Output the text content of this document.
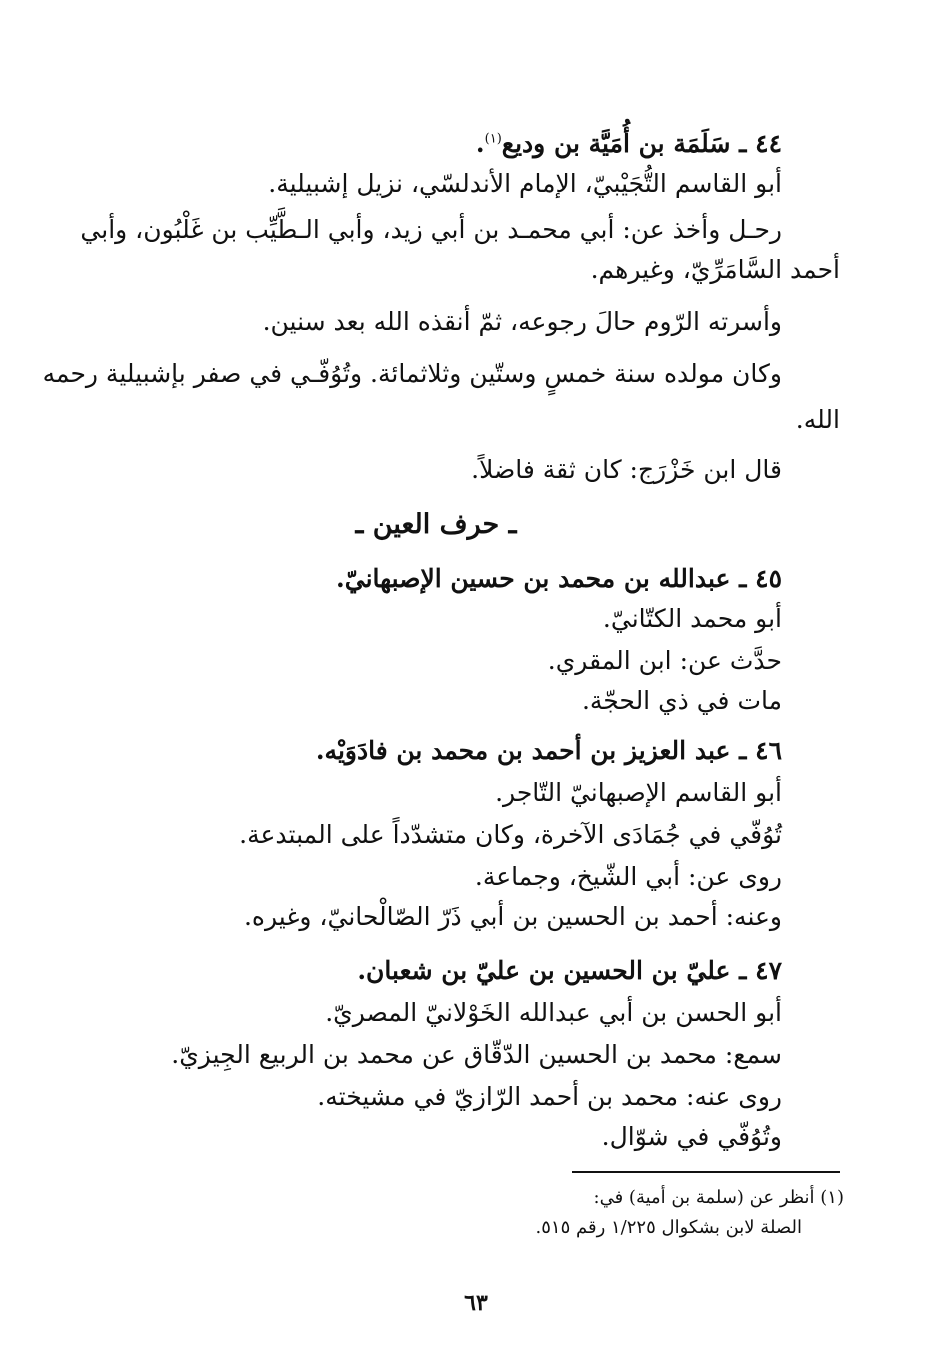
٤٤ ـ سَلَمَة بن أُمَيَّة بن وديع$^{(١)}$.
أبو القاسم التُّجَيْبيّ، الإمام الأندلسّي، نزيل إشبيلية.
رحـل وأخذ عن: أبي محمـد بن أبي زيد، وأبي الـطَّيِّب بن غَلْبُون، وأبي
أحمد السَّامَرِّيّ، وغيرهم.
وأسرته الرّوم حالَ رجوعه، ثمّ أنقذه الله بعد سنين.
وكان مولده سنة خمسٍ وستّين وثلاثمائة. وتُوُفّـي في صفر بإشبيلية رحمه
الله.
قال ابن خَزْرَج: كان ثقة فاضلاً.
ـ حرف العين ـ
٤٥ ـ عبدالله بن محمد بن حسين الإصبهانيّ.
أبو محمد الكتّانيّ.
حدَّث عن: ابن المقري.
مات في ذي الحجّة.
٤٦ ـ عبد العزيز بن أحمد بن محمد بن فادَوَيْه.
أبو القاسم الإصبهانيّ التّاجر.
تُوُفّي في جُمَادَى الآخرة، وكان متشدّداً على المبتدعة.
روى عن: أبي الشّيخ، وجماعة.
وعنه: أحمد بن الحسين بن أبي ذَرّ الصّالْحانيّ، وغيره.
٤٧ ـ عليّ بن الحسين بن عليّ بن شعبان.
أبو الحسن بن أبي عبدالله الخَوْلانيّ المصريّ.
سمع: محمد بن الحسين الدّقّاق عن محمد بن الربيع الجِيزيّ.
روى عنه: محمد بن أحمد الرّازيّ في مشيخته.
وتُوُفّي في شوّال.
(١) أنظر عن (سلمة بن أمية) في:
الصلة لابن بشكوال ١/٢٢٥ رقم ٥١٥.
٦٣
